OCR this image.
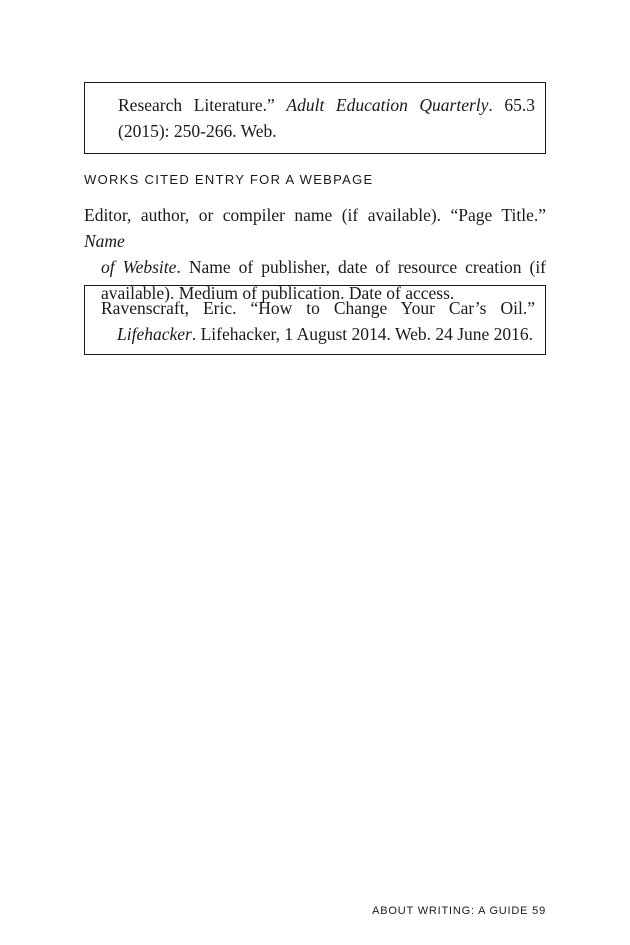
Research Literature.” Adult Education Quarterly. 65.3
(2015): 250-266. Web.
WORKS CITED ENTRY FOR A WEBPAGE
Editor, author, or compiler name (if available). “Page Title.” Name
of Website. Name of publisher, date of resource creation (if
available). Medium of publication. Date of access.
Ravenscraft, Eric. “How to Change Your Car’s Oil.”
Lifehacker. Lifehacker, 1 August 2014. Web. 24 June 2016.
ABOUT WRITING: A GUIDE 59
